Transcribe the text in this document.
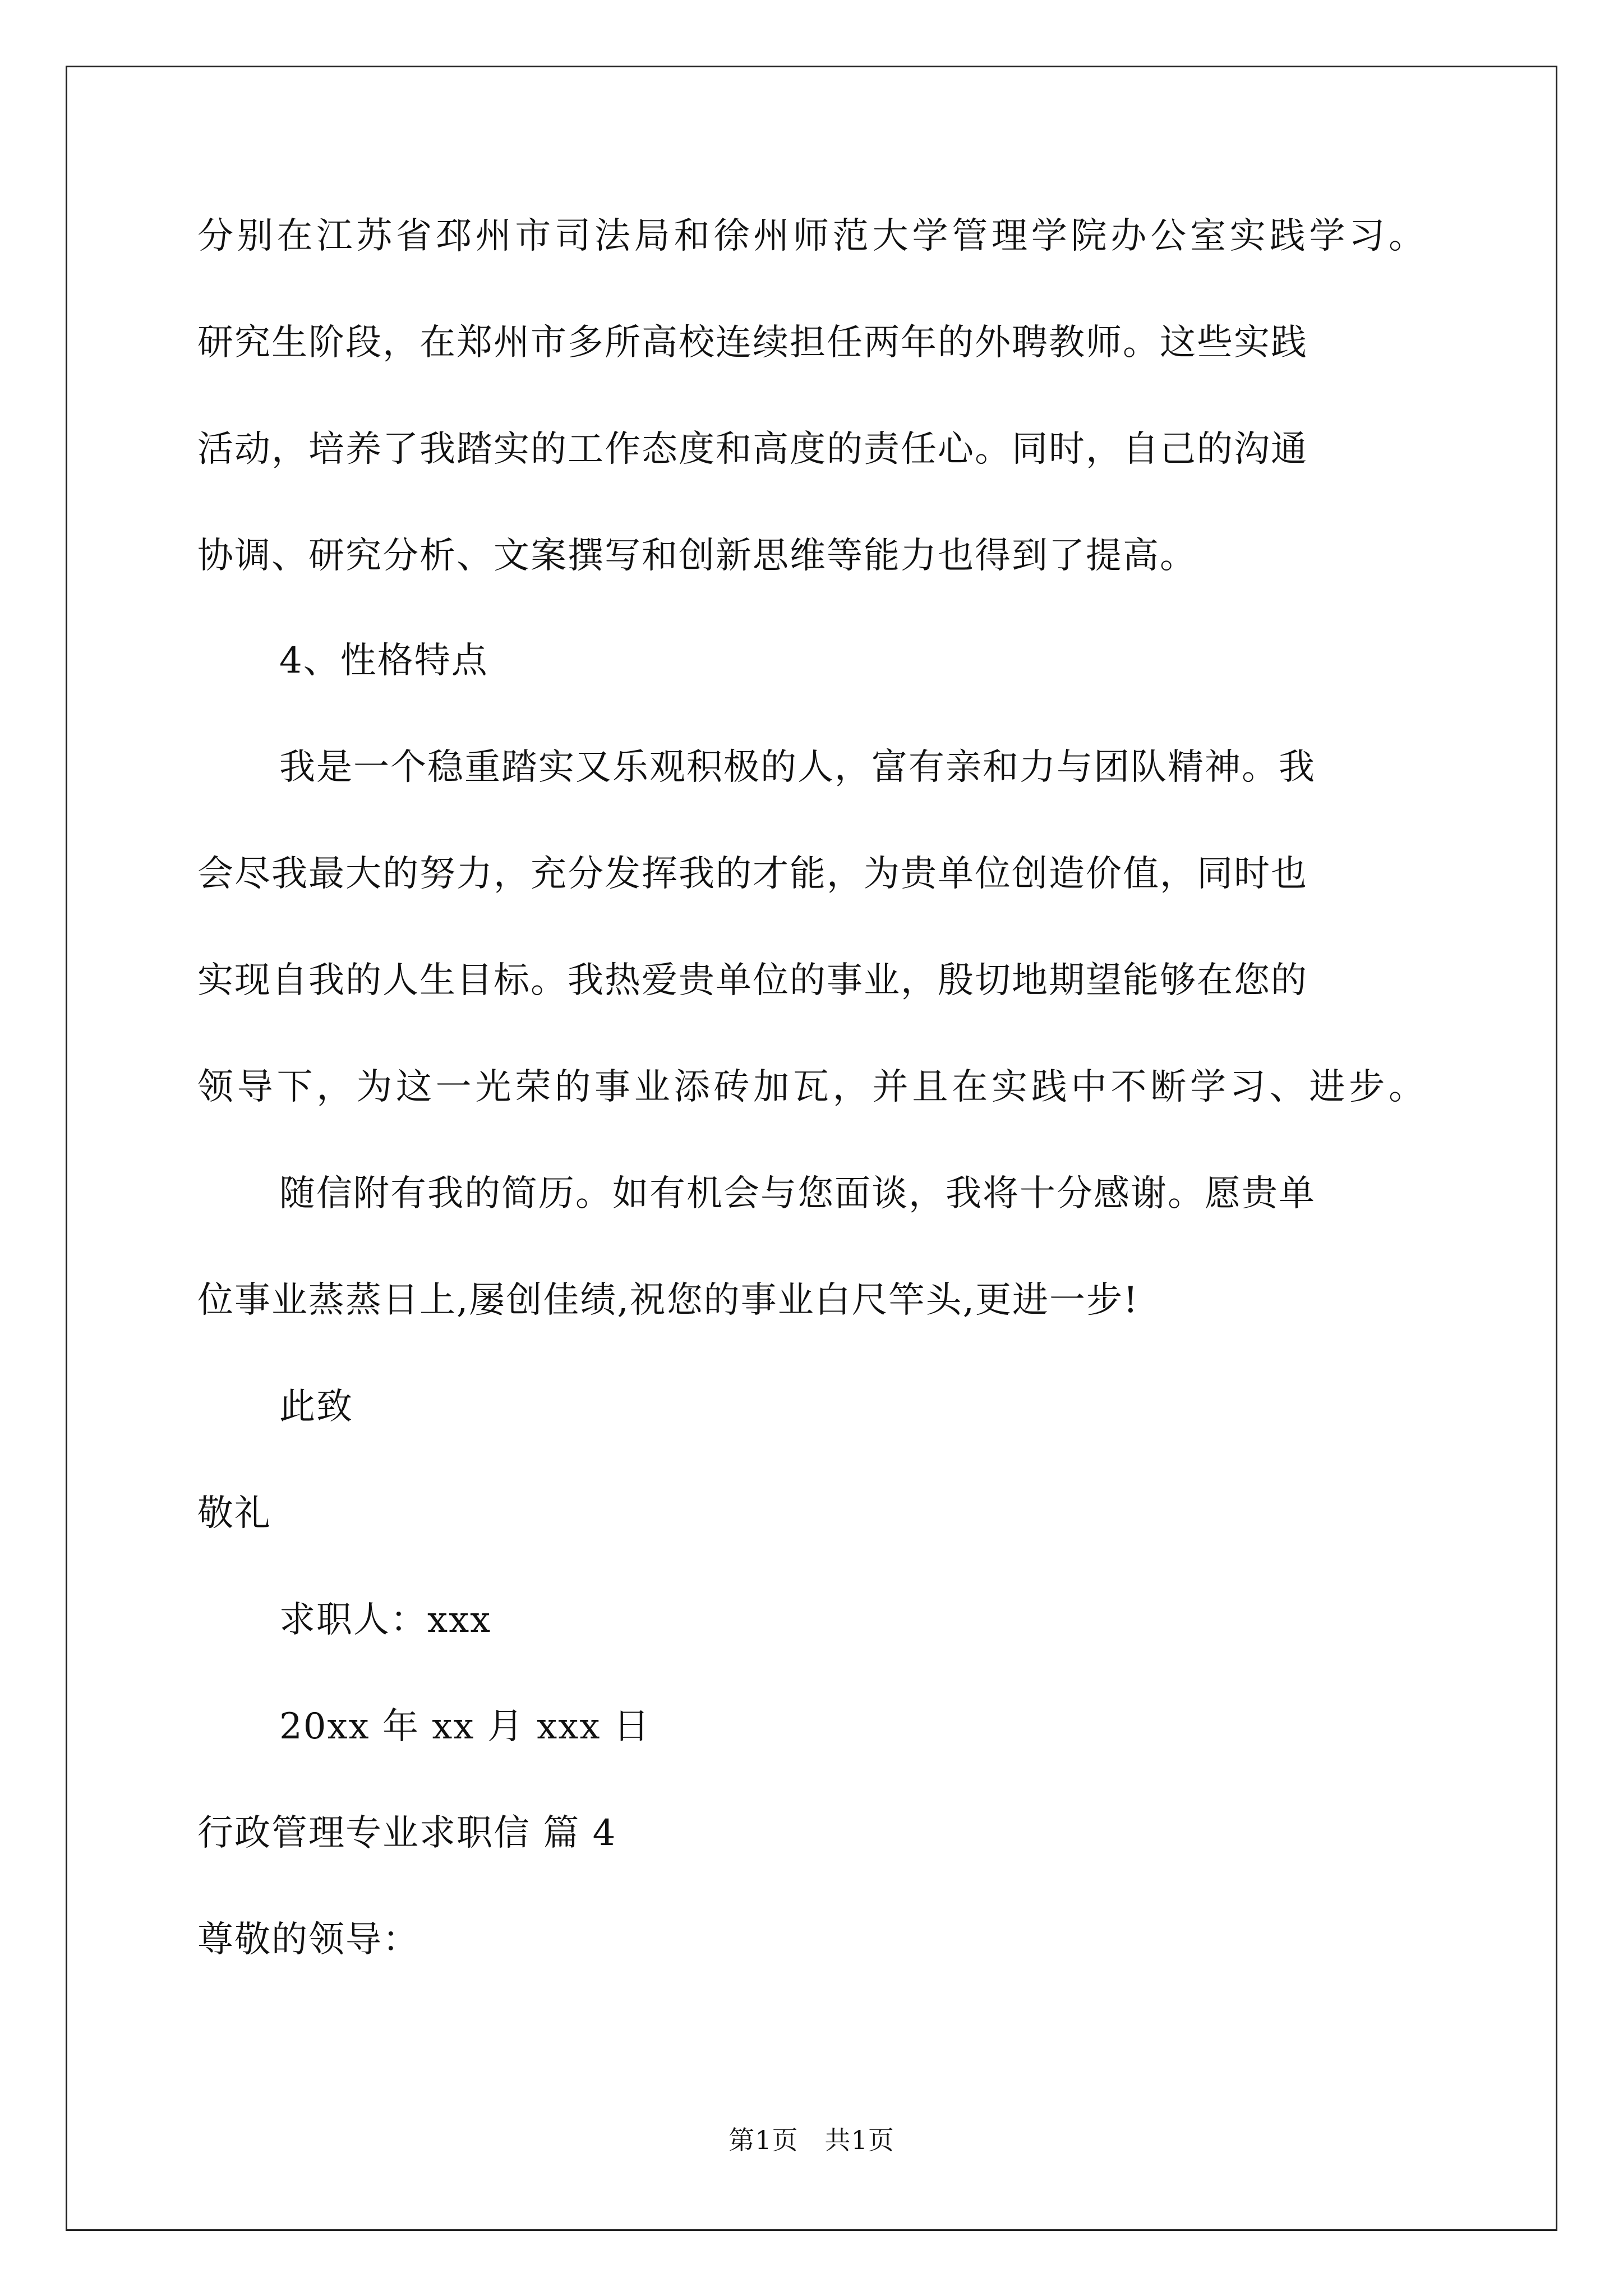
分别在江苏省邳州市司法局和徐州师范大学管理学院办公室实践学习。
研究生阶段，在郑州市多所高校连续担任两年的外聘教师。这些实践
活动，培养了我踏实的工作态度和高度的责任心。同时，自己的沟通
协调、研究分析、文案撰写和创新思维等能力也得到了提高。
4、性格特点
我是一个稳重踏实又乐观积极的人，富有亲和力与团队精神。我
会尽我最大的努力，充分发挥我的才能，为贵单位创造价值，同时也
实现自我的人生目标。我热爱贵单位的事业，殷切地期望能够在您的
领导下，为这一光荣的事业添砖加瓦，并且在实践中不断学习、进步。
随信附有我的简历。如有机会与您面谈，我将十分感谢。愿贵单
位事业蒸蒸日上,屡创佳绩,祝您的事业白尺竿头,更进一步!
此致
敬礼
求职人：xxx
20xx 年 xx 月 xxx 日
行政管理专业求职信 篇 4
尊敬的领导：
第1页　共1页
